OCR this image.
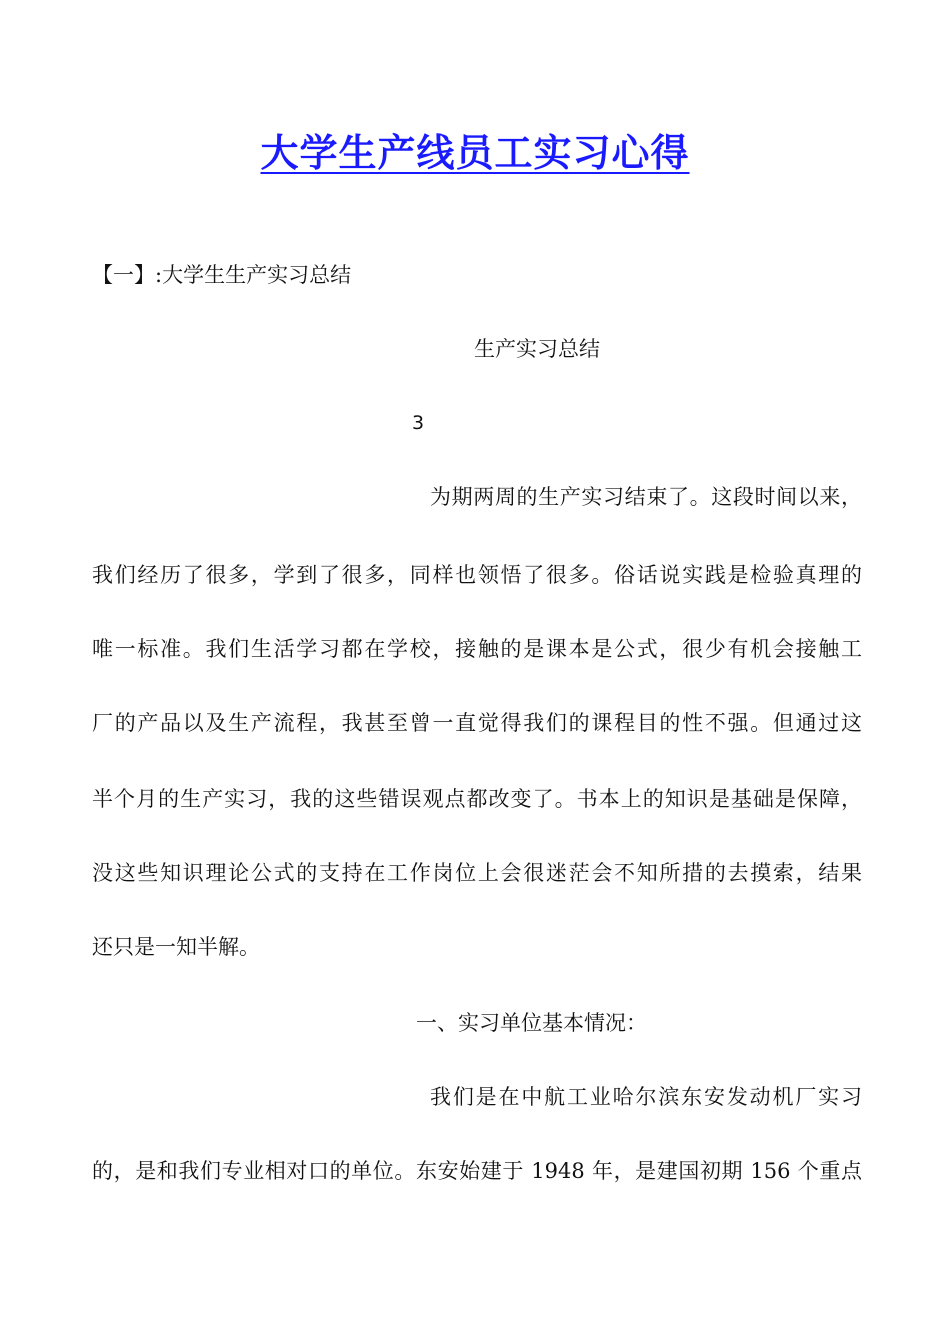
大学生产线员工实习心得
【一】:大学生生产实习总结
生产实习总结
3
为期两周的生产实习结束了。这段时间以来，
我们经历了很多，学到了很多，同样也领悟了很多。俗话说实践是检验真理的
唯一标准。我们生活学习都在学校，接触的是课本是公式，很少有机会接触工
厂的产品以及生产流程，我甚至曾一直觉得我们的课程目的性不强。但通过这
半个月的生产实习，我的这些错误观点都改变了。书本上的知识是基础是保障，
没这些知识理论公式的支持在工作岗位上会很迷茫会不知所措的去摸索，结果
还只是一知半解。
一、实习单位基本情况：
我们是在中航工业哈尔滨东安发动机厂实习
的，是和我们专业相对口的单位。东安始建于 1948 年，是建国初期 156 个重点
